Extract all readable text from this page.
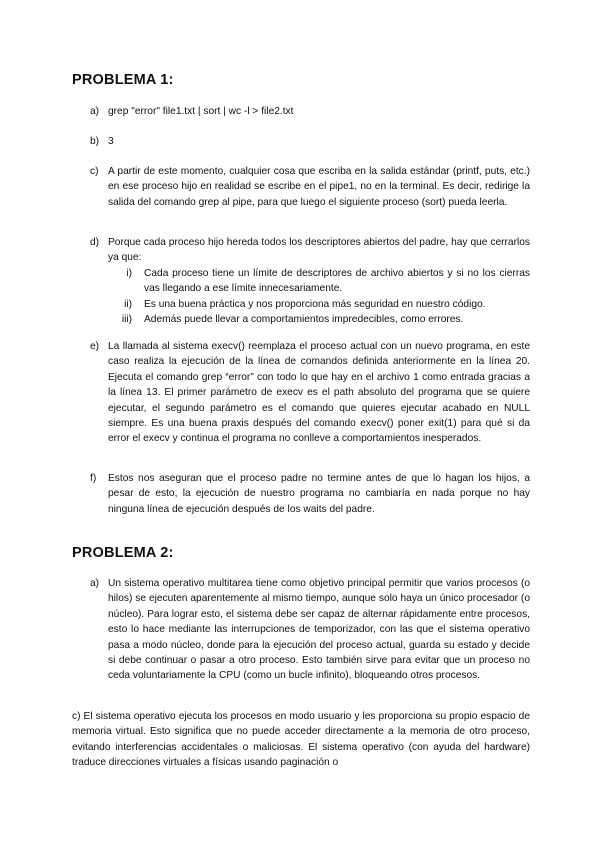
PROBLEMA 1:
a) grep "error" file1.txt | sort | wc -l > file2.txt
b) 3
c) A partir de este momento, cualquier cosa que escriba en la salida estándar (printf, puts, etc.) en ese proceso hijo en realidad se escribe en el pipe1, no en la terminal. Es decir, redirige la salida del comando grep al pipe, para que luego el siguiente proceso (sort) pueda leerla.
d) Porque cada proceso hijo hereda todos los descriptores abiertos del padre, hay que cerrarlos ya que:
i) Cada proceso tiene un límite de descriptores de archivo abiertos y si no los cierras vas llegando a ese límite innecesariamente.
ii) Es una buena práctica y nos proporciona más seguridad en nuestro código.
iii) Además puede llevar a comportamientos impredecibles, como errores.
e) La llamada al sistema execv() reemplaza el proceso actual con un nuevo programa, en este caso realiza la ejecución de la línea de comandos definida anteriormente en la línea 20. Ejecuta el comando grep “error” con todo lo que hay en el archivo 1 como entrada gracias a la línea 13. El primer parámetro de execv es el path absoluto del programa que se quiere ejecutar, el segundo parámetro es el comando que quieres ejecutar acabado en NULL siempre. Es una buena praxis después del comando execv() poner exit(1) para qué si da error el execv y continua el programa no conlleve a comportamientos inesperados.
f) Estos nos aseguran que el proceso padre no termine antes de que lo hagan los hijos, a pesar de esto, la ejecución de nuestro programa no cambiaría en nada porque no hay ninguna línea de ejecución después de los waits del padre.
PROBLEMA 2:
a) Un sistema operativo multitarea tiene como objetivo principal permitir que varios procesos (o hilos) se ejecuten aparentemente al mismo tiempo, aunque solo haya un único procesador (o núcleo). Para lograr esto, el sistema debe ser capaz de alternar rápidamente entre procesos, esto lo hace mediante las interrupciones de temporizador, con las que el sistema operativo pasa a modo núcleo, donde para la ejecución del proceso actual, guarda su estado y decide si debe continuar o pasar a otro proceso. Esto también sirve para evitar que un proceso no ceda voluntariamente la CPU (como un bucle infinito), bloqueando otros procesos.
c) El sistema operativo ejecuta los procesos en modo usuario y les proporciona su propio espacio de memoria virtual. Esto significa que no puede acceder directamente a la memoria de otro proceso, evitando interferencias accidentales o maliciosas. El sistema operativo (con ayuda del hardware) traduce direcciones virtuales a físicas usando paginación o
